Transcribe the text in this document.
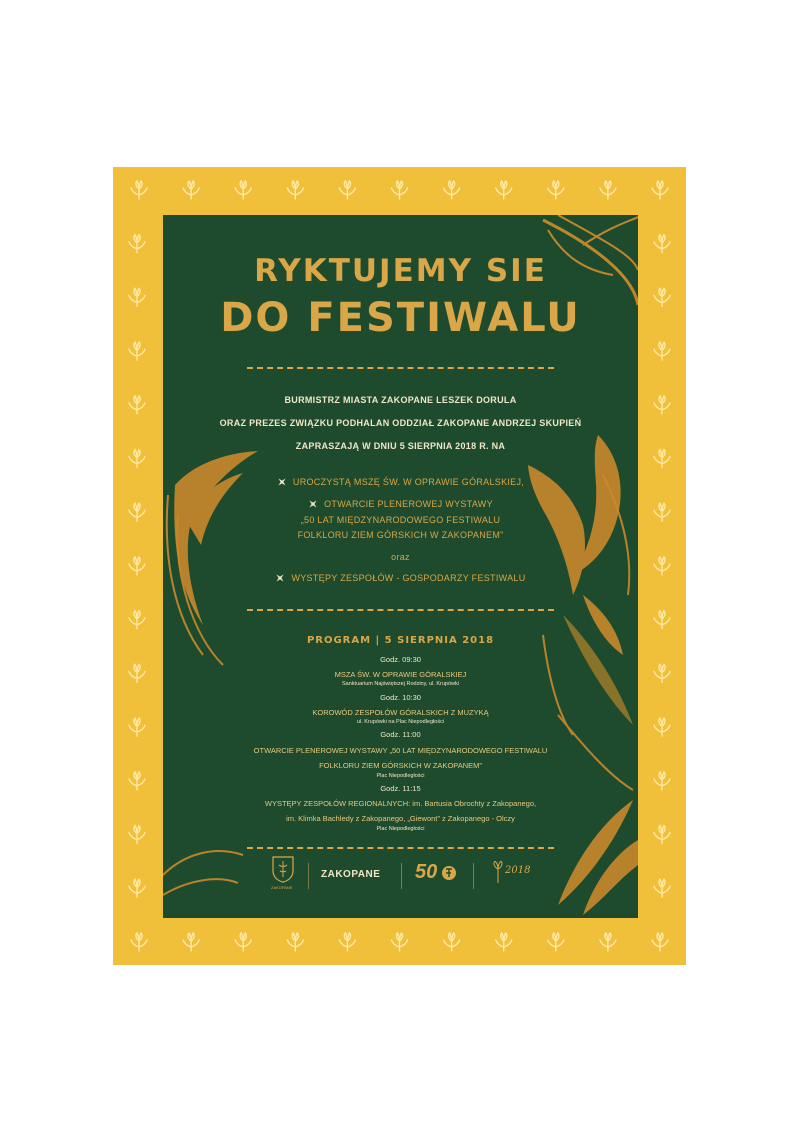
RYKTUJEMY SIE
DO FESTIWALU
BURMISTRZ MIASTA ZAKOPANE LESZEK DORULA
ORAZ PREZES ZWIĄZKU PODHALAN ODDZIAŁ ZAKOPANE ANDRZEJ SKUPIEŃ
ZAPRASZAJĄ W DNIU 5 SIERPNIA 2018 R. NA
UROCZYSTĄ MSZĘ ŚW. W OPRAWIE GÓRALSKIEJ,
OTWARCIE PLENEROWEJ WYSTAWY
„50 LAT MIĘDZYNARODOWEGO FESTIWALU
FOLKLORU ZIEM GÓRSKICH W ZAKOPANEM”
oraz
WYSTĘPY ZESPOŁÓW - GOSPODARZY FESTIWALU
PROGRAM | 5 SIERPNIA 2018
Godz. 09:30
MSZA ŚW. W OPRAWIE GÓRALSKIEJ
Sanktuarium Najświętszej Rodziny, ul. Krupówki
Godz. 10:30
KOROWÓD ZESPOŁÓW GÓRALSKICH Z MUZYKĄ
ul. Krupówki na Plac Niepodległości
Godz. 11:00
OTWARCIE PLENEROWEJ WYSTAWY „50 LAT MIĘDZYNARODOWEGO FESTIWALU
FOLKLORU ZIEM GÓRSKICH W ZAKOPANEM”
Plac Niepodległości
Godz. 11:15
WYSTĘPY ZESPOŁÓW REGIONALNYCH: im. Bartusia Obrochty z Zakopanego,
im. Klimka Bachledy z Zakopanego, „Giewont” z Zakopanego - Olczy
Plac Niepodległości
ZAKOPANE
ZAKOPANE 50	2018
